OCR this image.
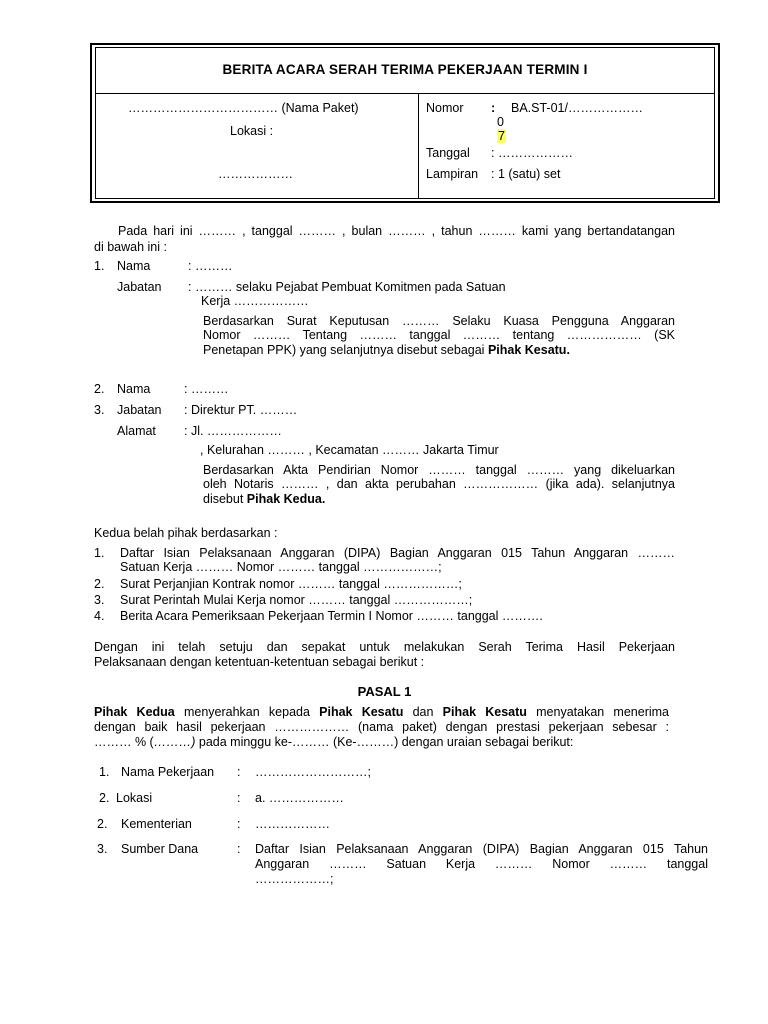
BERITA ACARA SERAH TERIMA PEKERJAAN TERMIN I
……………………………… (Nama Paket)
Lokasi :
………………
Nomor : BA.ST-01/………………
0
7
Tanggal : ………………
Lampiran : 1 (satu) set
Pada hari ini ……… , tanggal ……… , bulan ……… , tahun ……… kami yang bertandatangan
di bawah ini :
1. Nama	: ………
Jabatan : ……… selaku Pejabat Pembuat Komitmen pada Satuan
Kerja ………………
Berdasarkan Surat Keputusan ……… Selaku Kuasa Pengguna Anggaran
Nomor ……… Tentang ……… tanggal ……… tentang ……………… (SK
Penetapan PPK) yang selanjutnya disebut sebagai Pihak Kesatu.
2. Nama	: ………
3. Jabatan : Direktur PT. ………
Alamat : Jl. ………………
, Kelurahan ……… , Kecamatan ……… Jakarta Timur
Berdasarkan Akta Pendirian Nomor ……… tanggal ……… yang dikeluarkan
oleh Notaris ……… , dan akta perubahan ……………… (jika ada). selanjutnya
disebut Pihak Kedua.
Kedua belah pihak berdasarkan :
1. Daftar Isian Pelaksanaan Anggaran (DIPA) Bagian Anggaran 015 Tahun Anggaran ………
Satuan Kerja ……… Nomor ……… tanggal ………………;
2. Surat Perjanjian Kontrak nomor ……… tanggal ………………;
3. Surat Perintah Mulai Kerja nomor ……… tanggal ………………;
4. Berita Acara Pemeriksaan Pekerjaan Termin I Nomor ……… tanggal ……….
Dengan ini telah setuju dan sepakat untuk melakukan Serah Terima Hasil Pekerjaan
Pelaksanaan dengan ketentuan-ketentuan sebagai berikut :
PASAL 1
Pihak Kedua menyerahkan kepada Pihak Kesatu dan Pihak Kesatu menyatakan menerima
dengan baik hasil pekerjaan ……………… (nama paket) dengan prestasi pekerjaan sebesar :
……… % (………) pada minggu ke-……… (Ke-………) dengan uraian sebagai berikut:
1. Nama Pekerjaan : ………………………;
2. Lokasi	: a. ………………
2. Kementerian	: ………………
3. Sumber Dana	: Daftar Isian Pelaksanaan Anggaran (DIPA) Bagian Anggaran 015 Tahun
Anggaran ……… Satuan Kerja ……… Nomor ……… tanggal
………………;
